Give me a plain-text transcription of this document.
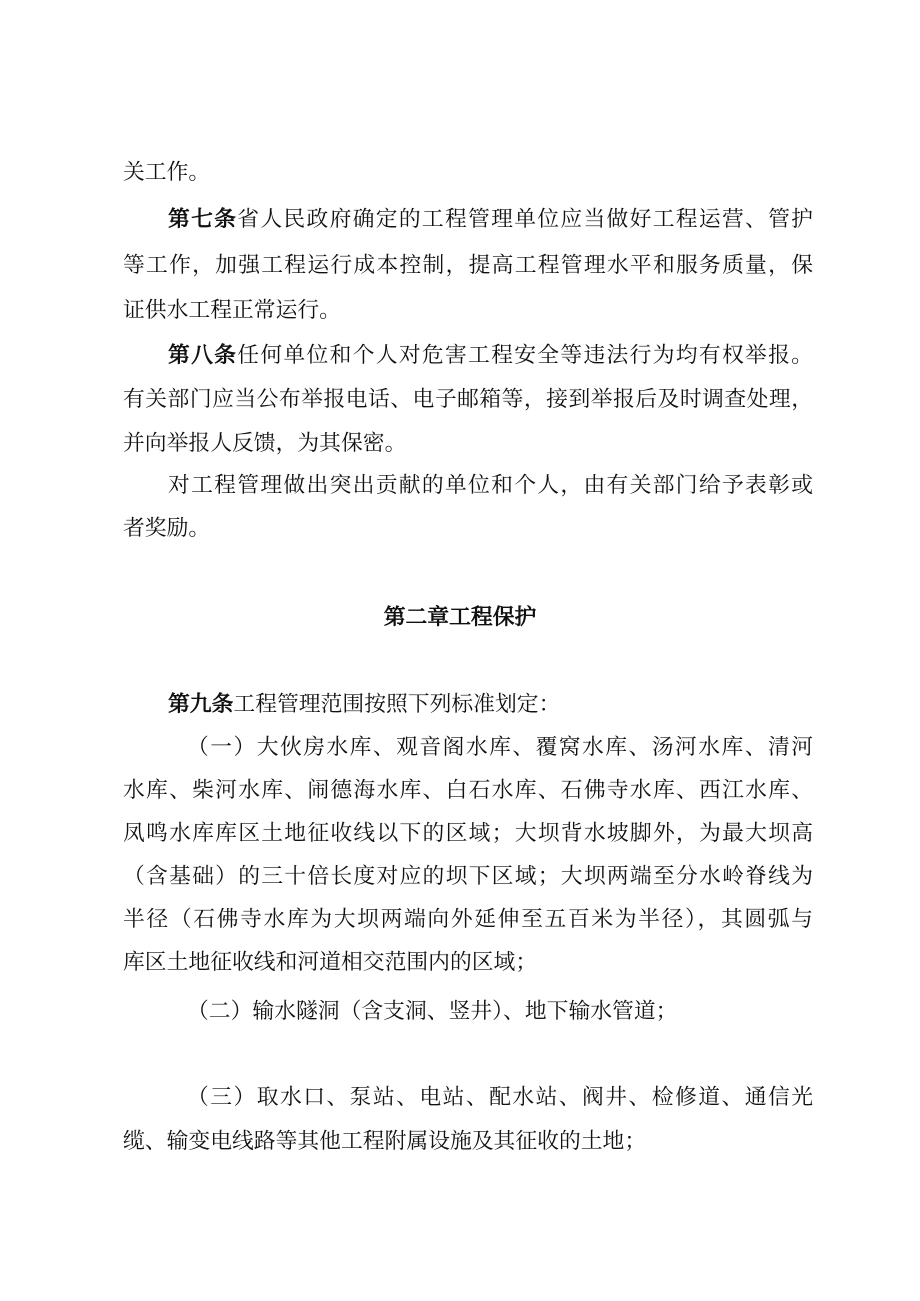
关工作。
第七条省人民政府确定的工程管理单位应当做好工程运营、管护
等工作，加强工程运行成本控制，提高工程管理水平和服务质量，保
证供水工程正常运行。
第八条任何单位和个人对危害工程安全等违法行为均有权举报。
有关部门应当公布举报电话、电子邮箱等，接到举报后及时调查处理，
并向举报人反馈，为其保密。
对工程管理做出突出贡献的单位和个人，由有关部门给予表彰或
者奖励。
第二章工程保护
第九条工程管理范围按照下列标准划定：
（一）大伙房水库、观音阁水库、覆窝水库、汤河水库、清河
水库、柴河水库、闹德海水库、白石水库、石佛寺水库、西江水库、
凤鸣水库库区土地征收线以下的区域；大坝背水坡脚外，为最大坝高
（含基础）的三十倍长度对应的坝下区域；大坝两端至分水岭脊线为
半径（石佛寺水库为大坝两端向外延伸至五百米为半径），其圆弧与
库区土地征收线和河道相交范围内的区域；
（二）输水隧洞（含支洞、竖井）、地下输水管道；
（三）取水口、泵站、电站、配水站、阀井、检修道、通信光
缆、输变电线路等其他工程附属设施及其征收的土地；
